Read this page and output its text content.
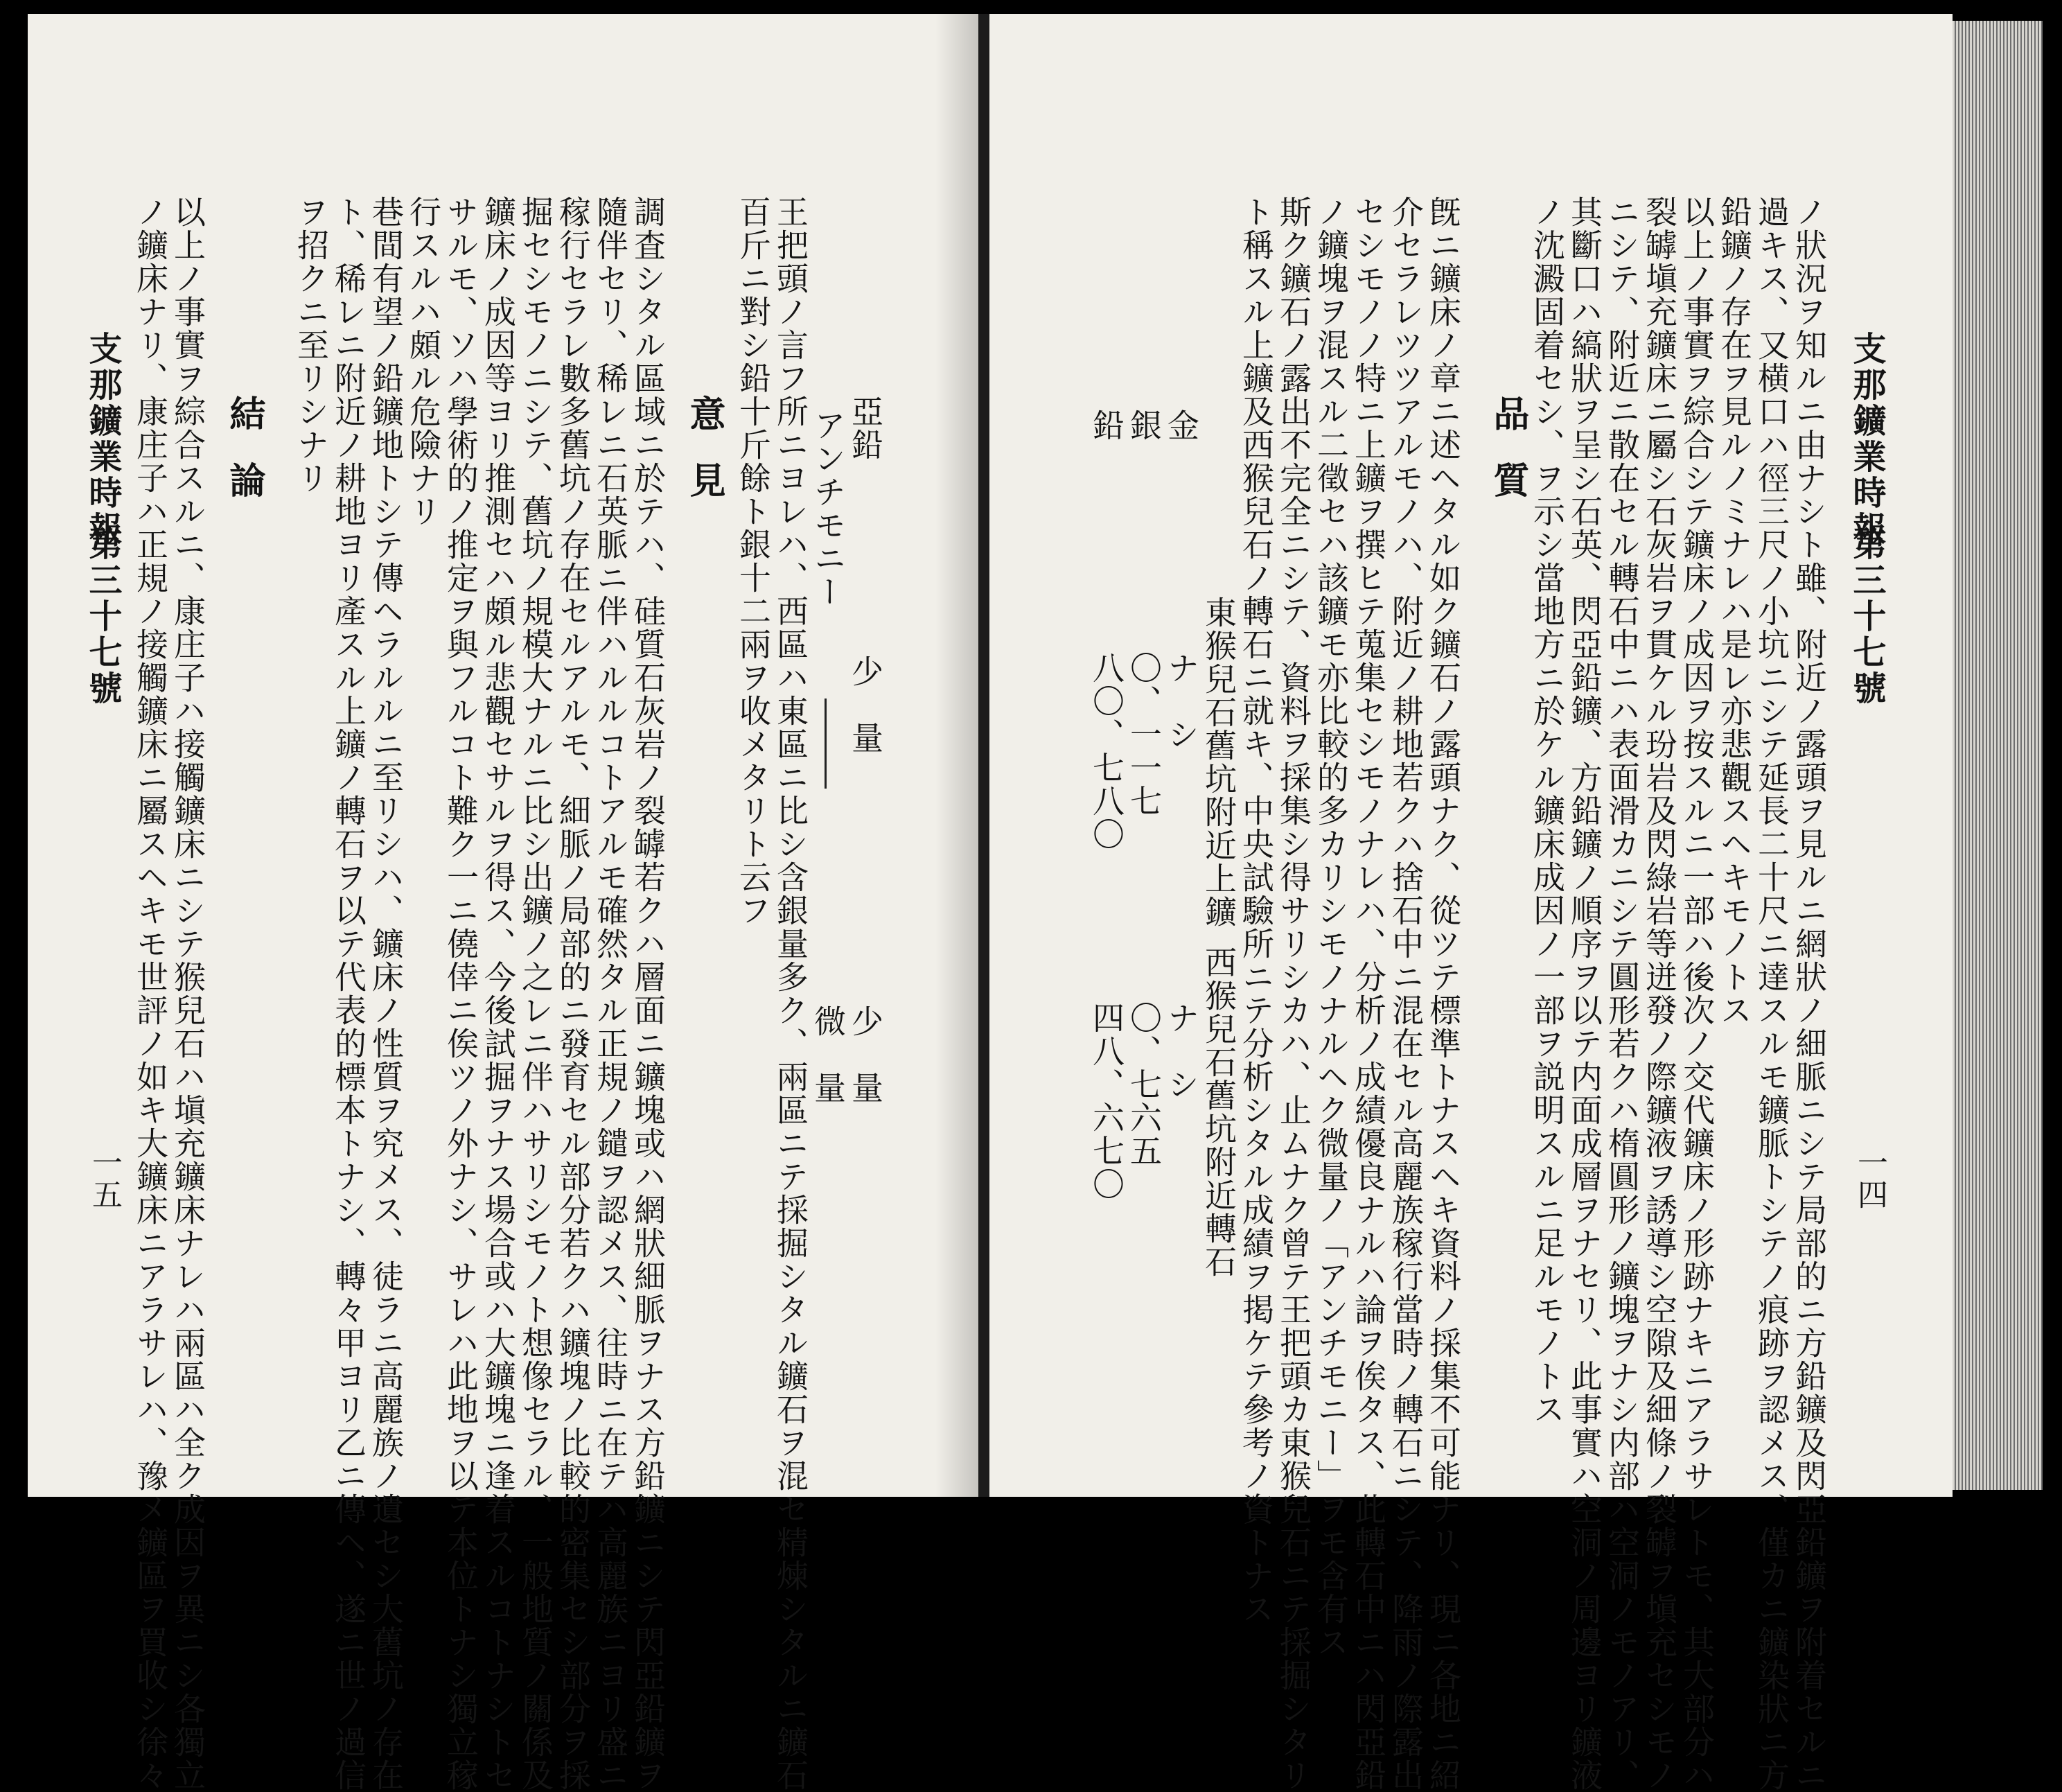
支那鑛業時報
第三十七號
一四
ノ狀況ヲ知ルニ由ナシト雖、附近ノ露頭ヲ見ルニ網狀ノ細脈ニシテ局部的ニ方鉛鑛及閃亞鉛鑛ヲ附着セルニ
過キス、又横口ハ徑三尺ノ小坑ニシテ延長二十尺ニ達スルモ鑛脈トシテノ痕跡ヲ認メス、僅カニ鑛染狀ニ方
鉛鑛ノ存在ヲ見ルノミナレハ是レ亦悲觀スヘキモノトス
以上ノ事實ヲ綜合シテ鑛床ノ成因ヲ按スルニ一部ハ後次ノ交代鑛床ノ形跡ナキニアラサレトモ、其大部分ハ
裂罅塡充鑛床ニ屬シ石灰岩ヲ貫ケル玢岩及閃綠岩等迸發ノ際鑛液ヲ誘導シ空隙及細條ノ裂罅ヲ塡充セシモノ
ニシテ、附近ニ散在セル轉石中ニハ表面滑カニシテ圓形若クハ楕圓形ノ鑛塊ヲナシ内部ハ空洞ノモノアリ、
其斷口ハ縞狀ヲ呈シ石英、閃亞鉛鑛、方鉛鑛ノ順序ヲ以テ内面成層ヲナセリ、此事實ハ空洞ノ周邊ヨリ鑛液
ノ沈澱固着セシ、ヲ示シ當地方ニ於ケル鑛床成因ノ一部ヲ説明スルニ足ルモノトス
品質
旣ニ鑛床ノ章ニ述ヘタル如ク鑛石ノ露頭ナク、從ツテ標準トナスヘキ資料ノ採集不可能ナリ、現ニ各地ニ紹
介セラレツツアルモノハ、附近ノ耕地若クハ捨石中ニ混在セル高麗族稼行當時ノ轉石ニシテ、降雨ノ際露出
セシモノノ特ニ上鑛ヲ撰ヒテ蒐集セシモノナレハ、分析ノ成績優良ナルハ論ヲ俟タス、此轉石中ニハ閃亞鉛
ノ鑛塊ヲ混スル二徵セハ該鑛モ亦比較的多カリシモノナルヘク微量ノ「アンチモニー」ヲモ含有ス
斯ク鑛石ノ露出不完全ニシテ、資料ヲ採集シ得サリシカハ、止ムナク曾テ王把頭カ東猴兒石ニテ採掘シタリ
ト稱スル上鑛及西猴兒石ノ轉石ニ就キ、中央試驗所ニテ分析シタル成績ヲ掲ケテ參考ノ資トナス
東猴兒石舊坑附近上鑛
西猴兒石舊坑附近轉石
金
ナ　シ
ナ　シ
銀
〇、一一七
〇、七六五
鉛
八〇、七八〇
四八、六七〇
亞鉛
少　量
少　量
アンチモニー
微　量
王把頭ノ言フ所ニヨレハ、西區ハ東區ニ比シ含銀量多ク、兩區ニテ採掘シタル鑛石ヲ混セ精煉シタルニ鑛石
百斤ニ對シ鉛十斤餘ト銀十二兩ヲ收メタリト云フ
意見
調査シタル區域ニ於テハ、硅質石灰岩ノ裂罅若クハ層面ニ鑛塊或ハ網狀細脈ヲナス方鉛鑛ニシテ閃亞鉛鑛ヲ
隨伴セリ、稀レニ石英脈ニ伴ハルルコトアルモ確然タル正規ノ鑓ヲ認メス、往時ニ在テハ高麗族ニヨリ盛ニ
稼行セラレ數多舊坑ノ存在セルアルモ、細脈ノ局部的ニ發育セル部分若クハ鑛塊ノ比較的密集セシ部分ヲ採
掘セシモノニシテ、舊坑ノ規模大ナルニ比シ出鑛ノ之レニ伴ハサリシモノト想像セラル、一般地質ノ關係及
鑛床ノ成因等ヨリ推測セハ頗ル悲觀セサルヲ得ス、今後試掘ヲナス場合或ハ大鑛塊ニ逢着スルコトナシトセ
サルモ、ソハ學術的ノ推定ヲ與フルコト難ク一ニ僥倖ニ俟ツノ外ナシ、サレハ此地ヲ以テ本位トナシ獨立稼
行スルハ頗ル危險ナリ
巷間有望ノ鉛鑛地トシテ傳ヘラルルニ至リシハ、鑛床ノ性質ヲ究メス、徒ラニ高麗族ノ遺セシ大舊坑ノ存在
ト、稀レニ附近ノ耕地ヨリ產スル上鑛ノ轉石ヲ以テ代表的標本トナシ、轉々甲ヨリ乙ニ傳ヘ、遂ニ世ノ過信
ヲ招クニ至リシナリ
結論
以上ノ事實ヲ綜合スルニ、康庄子ハ接觸鑛床ニシテ猴兒石ハ塡充鑛床ナレハ兩區ハ全ク成因ヲ異ニシ各獨立
ノ鑛床ナリ、康庄子ハ正規ノ接觸鑛床ニ屬スヘキモ世評ノ如キ大鑛床ニアラサレハ、豫メ鑛區ヲ買收シ徐々
支那鑛業時報
第三十七號
一五
